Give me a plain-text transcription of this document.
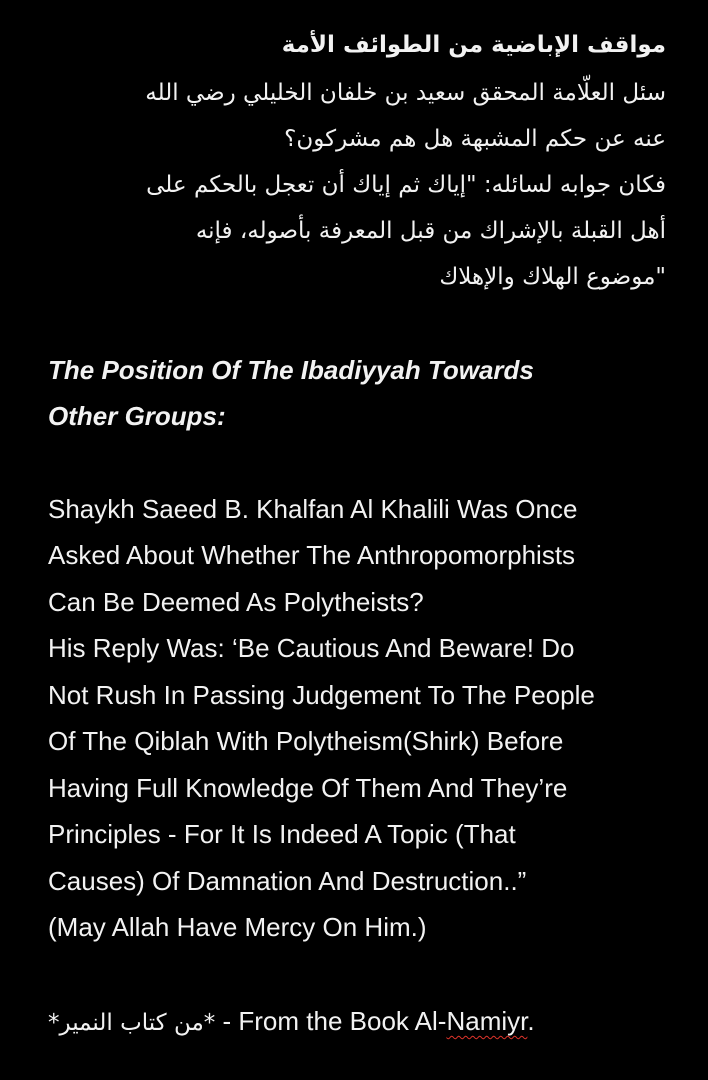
مواقف الإباضية من الطوائف الأمة
سئل العلّامة المحقق سعيد بن خلفان الخليلي رضي الله
عنه عن حكم المشبهة هل هم مشركون؟
فكان جوابه لسائله: "إياك ثم إياك أن تعجل بالحكم على
أهل القبلة بالإشراك من قبل المعرفة بأصوله، فإنه
"موضوع الهلاك والإهلاك
The Position Of The Ibadiyyah Towards
Other Groups:
Shaykh Saeed B. Khalfan Al Khalili Was Once
Asked About Whether The Anthropomorphists
Can Be Deemed As Polytheists?
His Reply Was: ‘Be Cautious And Beware! Do
Not Rush In Passing Judgement To The People
Of The Qiblah With Polytheism(Shirk) Before
Having Full Knowledge Of Them And They’re
Principles - For It Is Indeed A Topic (That
Causes) Of Damnation And Destruction..”
(May Allah Have Mercy On Him.)
*من كتاب النمير* - From the Book Al-Namiyr.
